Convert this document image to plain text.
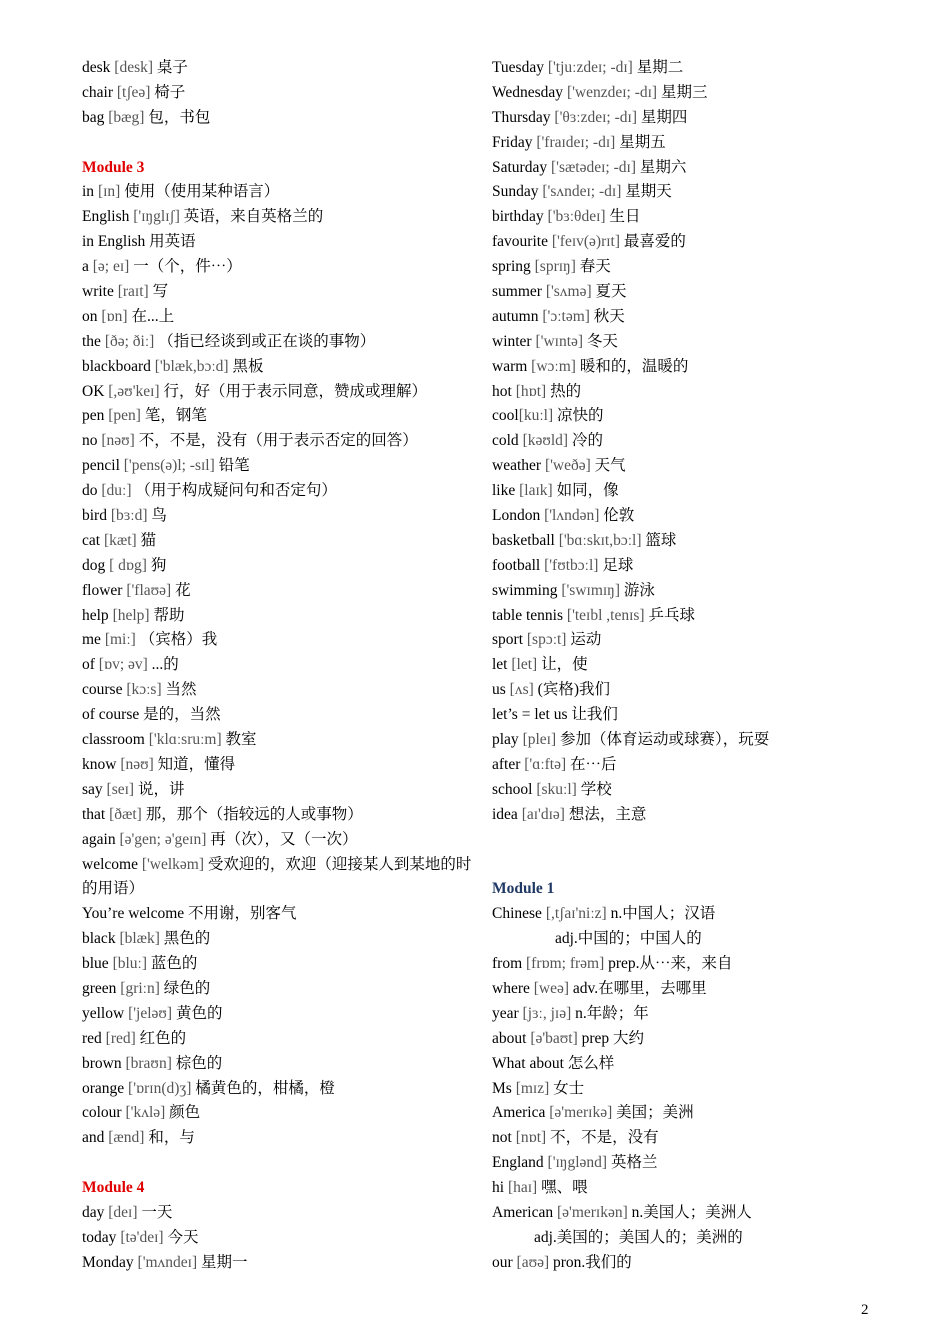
desk [desk] 桌子
chair [tʃeə] 椅子
bag [bæg] 包，书包
Module 3
in [ɪn] 使用（使用某种语言）
English ['ɪŋglɪʃ] 英语，来自英格兰的
in English 用英语
a [ə; eɪ] 一（个，件⋯）
write [raɪt] 写
on [ɒn] 在...上
the [ðə; ðiː] （指已经谈到或正在谈的事物）
blackboard ['blæk,bɔːd] 黑板
OK [,əʊ'keɪ] 行，好（用于表示同意，赞成或理解）
pen [pen] 笔，钢笔
no [nəʊ] 不，不是，没有（用于表示否定的回答）
pencil ['pens(ə)l; -sɪl] 铅笔
do [duː] （用于构成疑问句和否定句）
bird [bɜːd] 鸟
cat [kæt] 猫
dog [ dɒg] 狗
flower ['flaʊə] 花
help [help] 帮助
me [miː] （宾格）我
of [ɒv; əv] ...的
course [kɔːs] 当然
of course 是的，当然
classroom ['klɑːsruːm] 教室
know [nəʊ] 知道，懂得
say [seɪ] 说，讲
that [ðæt] 那，那个（指较远的人或事物）
again [ə'gen; ə'geɪn] 再（次），又（一次）
welcome ['welkəm] 受欢迎的，欢迎（迎接某人到某地的时的用语）
You’re welcome 不用谢，别客气
black [blæk] 黑色的
blue [bluː] 蓝色的
green [griːn] 绿色的
yellow ['jeləʊ] 黄色的
red [red] 红色的
brown [braʊn] 棕色的
orange ['ɒrɪn(d)ʒ] 橘黄色的，柑橘，橙
colour ['kʌlə] 颜色
and [ænd] 和，与
Module 4
day [deɪ] 一天
today [tə'deɪ] 今天
Monday ['mʌndeɪ] 星期一
Tuesday ['tjuːzdeɪ; -dɪ] 星期二
Wednesday ['wenzdeɪ; -dɪ] 星期三
Thursday ['θɜːzdeɪ; -dɪ] 星期四
Friday ['fraɪdeɪ; -dɪ] 星期五
Saturday ['sætədeɪ; -dɪ] 星期六
Sunday ['sʌndeɪ; -dɪ] 星期天
birthday ['bɜːθdeɪ] 生日
favourite ['feɪv(ə)rɪt] 最喜爱的
spring [sprɪŋ] 春天
summer ['sʌmə] 夏天
autumn ['ɔːtəm] 秋天
winter ['wɪntə] 冬天
warm [wɔːm] 暖和的，温暖的
hot [hɒt] 热的
cool[kuːl] 凉快的
cold [kəʊld] 冷的
weather ['weðə] 天气
like [laɪk] 如同，像
London ['lʌndən] 伦敦
basketball ['bɑːskɪt,bɔːl] 篮球
football ['fʊtbɔːl] 足球
swimming ['swɪmɪŋ] 游泳
table tennis ['teɪbl ,tenɪs] 乒乓球
sport [spɔːt] 运动
let [let] 让，使
us [ʌs] (宾格)我们
let’s = let us 让我们
play [pleɪ] 参加（体育运动或球赛），玩耍
after ['ɑːftə] 在⋯后
school [skuːl] 学校
idea [aɪ'dɪə] 想法，主意
Module 1
Chinese [,tʃaɪ'niːz] n.中国人；汉语
adj.中国的；中国人的
from [frɒm; frəm] prep.从⋯来，来自
where [weə] adv.在哪里，去哪里
year [jɜː, jɪə] n.年龄；年
about [ə'baʊt] prep 大约
What about 怎么样
Ms [mɪz] 女士
America [ə'merɪkə] 美国；美洲
not [nɒt] 不，不是，没有
England ['ɪŋglənd] 英格兰
hi [haɪ] 嘿、喂
American [ə'merɪkən] n.美国人；美洲人
adj.美国的；美国人的；美洲的
our [aʊə] pron.我们的
2
